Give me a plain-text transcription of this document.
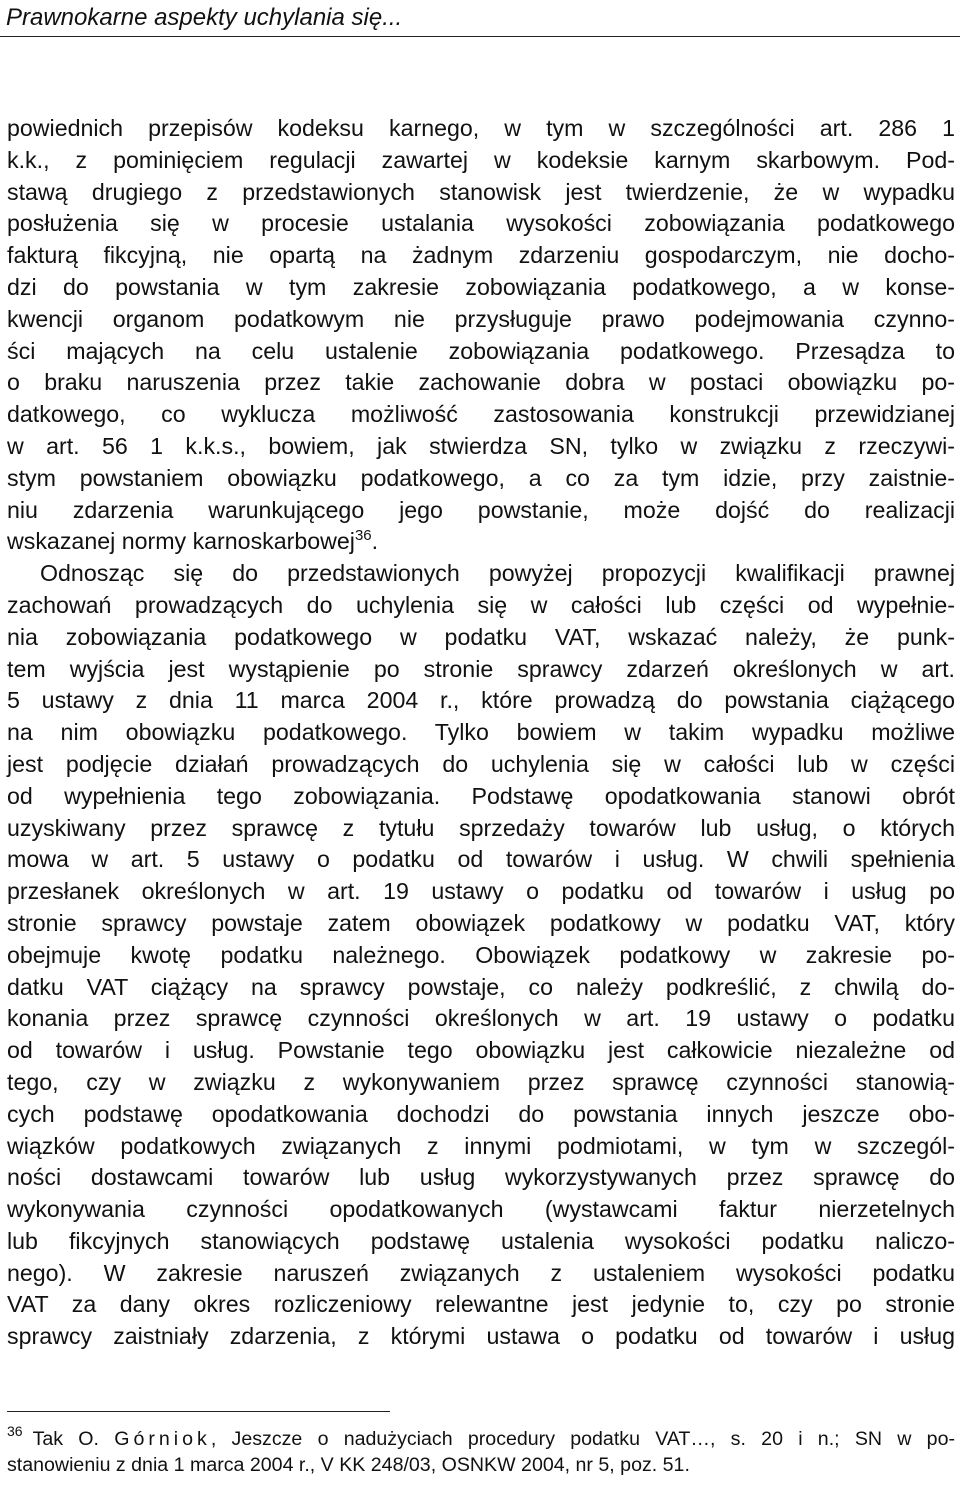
Prawnokarne aspekty uchylania się...
powiednich przepisów kodeksu karnego, w tym w szczególności art. 286 1
k.k., z pominięciem regulacji zawartej w kodeksie karnym skarbowym. Pod-
stawą drugiego z przedstawionych stanowisk jest twierdzenie, że w wypadku
posłużenia się w procesie ustalania wysokości zobowiązania podatkowego
fakturą fikcyjną, nie opartą na żadnym zdarzeniu gospodarczym, nie docho-
dzi do powstania w tym zakresie zobowiązania podatkowego, a w konse-
kwencji organom podatkowym nie przysługuje prawo podejmowania czynno-
ści mających na celu ustalenie zobowiązania podatkowego. Przesądza to
o braku naruszenia przez takie zachowanie dobra w postaci obowiązku po-
datkowego, co wyklucza możliwość zastosowania konstrukcji przewidzianej
w art. 56 1 k.k.s., bowiem, jak stwierdza SN, tylko w związku z rzeczywi-
stym powstaniem obowiązku podatkowego, a co za tym idzie, przy zaistnie-
niu zdarzenia warunkującego jego powstanie, może dojść do realizacji
wskazanej normy karnoskarbowej$^{36}$.
Odnosząc się do przedstawionych powyżej propozycji kwalifikacji prawnej
zachowań prowadzących do uchylenia się w całości lub części od wypełnie-
nia zobowiązania podatkowego w podatku VAT, wskazać należy, że punk-
tem wyjścia jest wystąpienie po stronie sprawcy zdarzeń określonych w art.
5 ustawy z dnia 11 marca 2004 r., które prowadzą do powstania ciążącego
na nim obowiązku podatkowego. Tylko bowiem w takim wypadku możliwe
jest podjęcie działań prowadzących do uchylenia się w całości lub w części
od wypełnienia tego zobowiązania. Podstawę opodatkowania stanowi obrót
uzyskiwany przez sprawcę z tytułu sprzedaży towarów lub usług, o których
mowa w art. 5 ustawy o podatku od towarów i usług. W chwili spełnienia
przesłanek określonych w art. 19 ustawy o podatku od towarów i usług po
stronie sprawcy powstaje zatem obowiązek podatkowy w podatku VAT, który
obejmuje kwotę podatku należnego. Obowiązek podatkowy w zakresie po-
datku VAT ciążący na sprawcy powstaje, co należy podkreślić, z chwilą do-
konania przez sprawcę czynności określonych w art. 19 ustawy o podatku
od towarów i usług. Powstanie tego obowiązku jest całkowicie niezależne od
tego, czy w związku z wykonywaniem przez sprawcę czynności stanowią-
cych podstawę opodatkowania dochodzi do powstania innych jeszcze obo-
wiązków podatkowych związanych z innymi podmiotami, w tym w szczegól-
ności dostawcami towarów lub usług wykorzystywanych przez sprawcę do
wykonywania czynności opodatkowanych (wystawcami faktur nierzetelnych
lub fikcyjnych stanowiących podstawę ustalenia wysokości podatku naliczo-
nego). W zakresie naruszeń związanych z ustaleniem wysokości podatku
VAT za dany okres rozliczeniowy relewantne jest jedynie to, czy po stronie
sprawcy zaistniały zdarzenia, z którymi ustawa o podatku od towarów i usług
$^{36}$ Tak O. Górniok, Jeszcze o nadużyciach procedury podatku VAT…, s. 20 i n.; SN w po-
stanowieniu z dnia 1 marca 2004 r., V KK 248/03, OSNKW 2004, nr 5, poz. 51.
